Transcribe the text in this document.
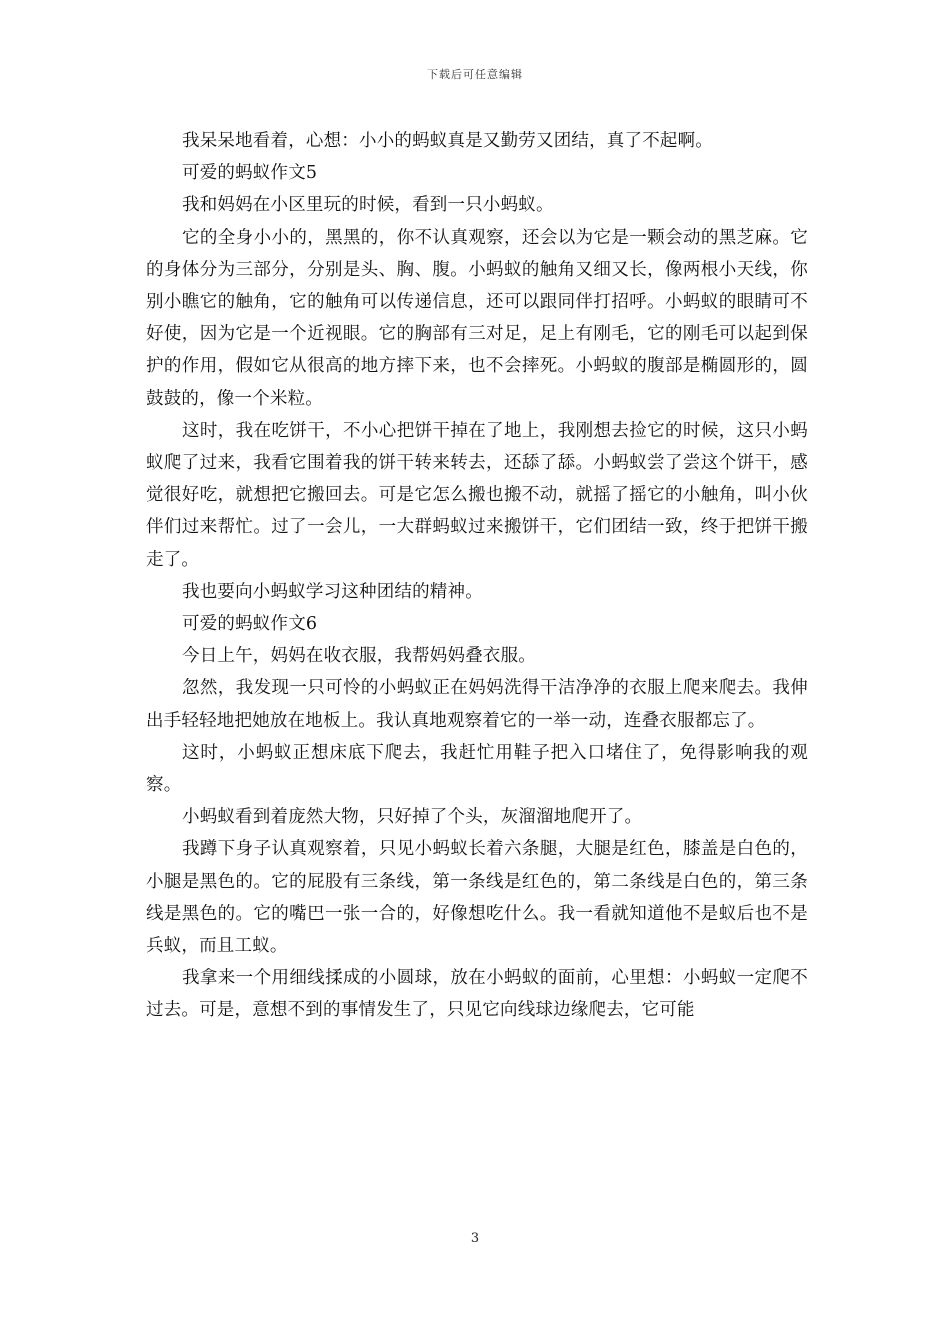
下载后可任意编辑

我呆呆地看着，心想：小小的蚂蚁真是又勤劳又团结，真了不起啊。

可爱的蚂蚁作文5

我和妈妈在小区里玩的时候，看到一只小蚂蚁。

它的全身小小的，黑黑的，你不认真观察，还会以为它是一颗会动的黑芝麻。它的身体分为三部分，分别是头、胸、腹。小蚂蚁的触角又细又长，像两根小天线，你别小瞧它的触角，它的触角可以传递信息，还可以跟同伴打招呼。小蚂蚁的眼睛可不好使，因为它是一个近视眼。它的胸部有三对足，足上有刚毛，它的刚毛可以起到保护的作用，假如它从很高的地方摔下来，也不会摔死。小蚂蚁的腹部是椭圆形的，圆鼓鼓的，像一个米粒。

这时，我在吃饼干，不小心把饼干掉在了地上，我刚想去捡它的时候，这只小蚂蚁爬了过来，我看它围着我的饼干转来转去，还舔了舔。小蚂蚁尝了尝这个饼干，感觉很好吃，就想把它搬回去。可是它怎么搬也搬不动，就摇了摇它的小触角，叫小伙伴们过来帮忙。过了一会儿，一大群蚂蚁过来搬饼干，它们团结一致，终于把饼干搬走了。

我也要向小蚂蚁学习这种团结的精神。

可爱的蚂蚁作文6

今日上午，妈妈在收衣服，我帮妈妈叠衣服。

忽然，我发现一只可怜的小蚂蚁正在妈妈洗得干洁净净的衣服上爬来爬去。我伸出手轻轻地把她放在地板上。我认真地观察着它的一举一动，连叠衣服都忘了。

这时，小蚂蚁正想床底下爬去，我赶忙用鞋子把入口堵住了，免得影响我的观察。

小蚂蚁看到着庞然大物，只好掉了个头，灰溜溜地爬开了。

我蹲下身子认真观察着，只见小蚂蚁长着六条腿，大腿是红色，膝盖是白色的，小腿是黑色的。它的屁股有三条线，第一条线是红色的，第二条线是白色的，第三条线是黑色的。它的嘴巴一张一合的，好像想吃什么。我一看就知道他不是蚁后也不是兵蚁，而且工蚁。

我拿来一个用细线揉成的小圆球，放在小蚂蚁的面前，心里想：小蚂蚁一定爬不过去。可是，意想不到的事情发生了，只见它向线球边缘爬去，它可能

3
